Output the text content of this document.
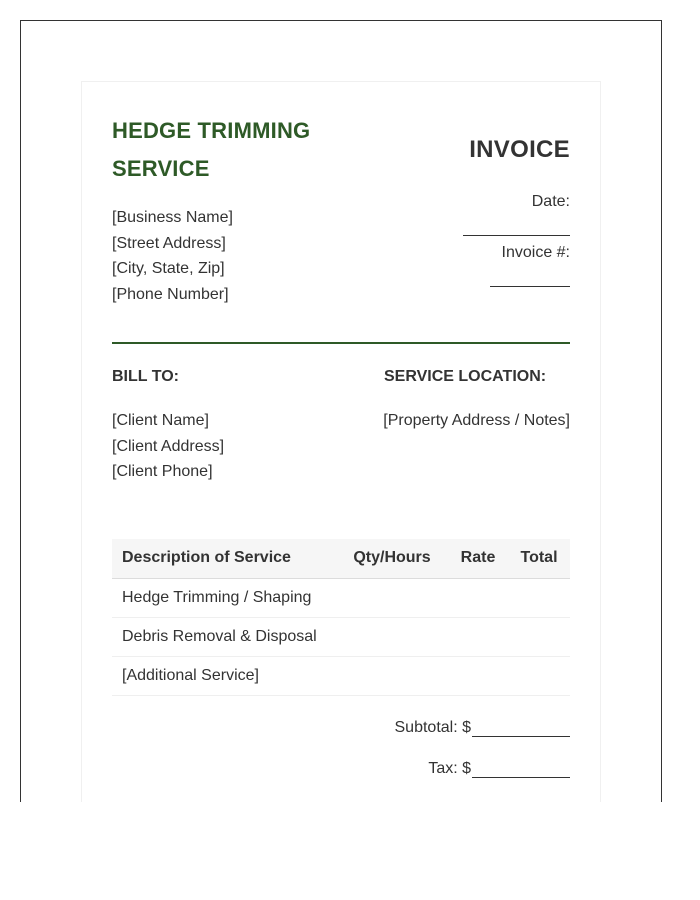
HEDGE TRIMMING SERVICE
[Business Name]
[Street Address]
[City, State, Zip]
[Phone Number]
INVOICE
Date:
Invoice #:
BILL TO:
[Client Name]
[Client Address]
[Client Phone]
SERVICE LOCATION:
[Property Address / Notes]
Description of Service	Qty/Hours	Rate	Total
Hedge Trimming / Shaping			
Debris Removal & Disposal			
[Additional Service]			
Subtotal: $
Tax: $
